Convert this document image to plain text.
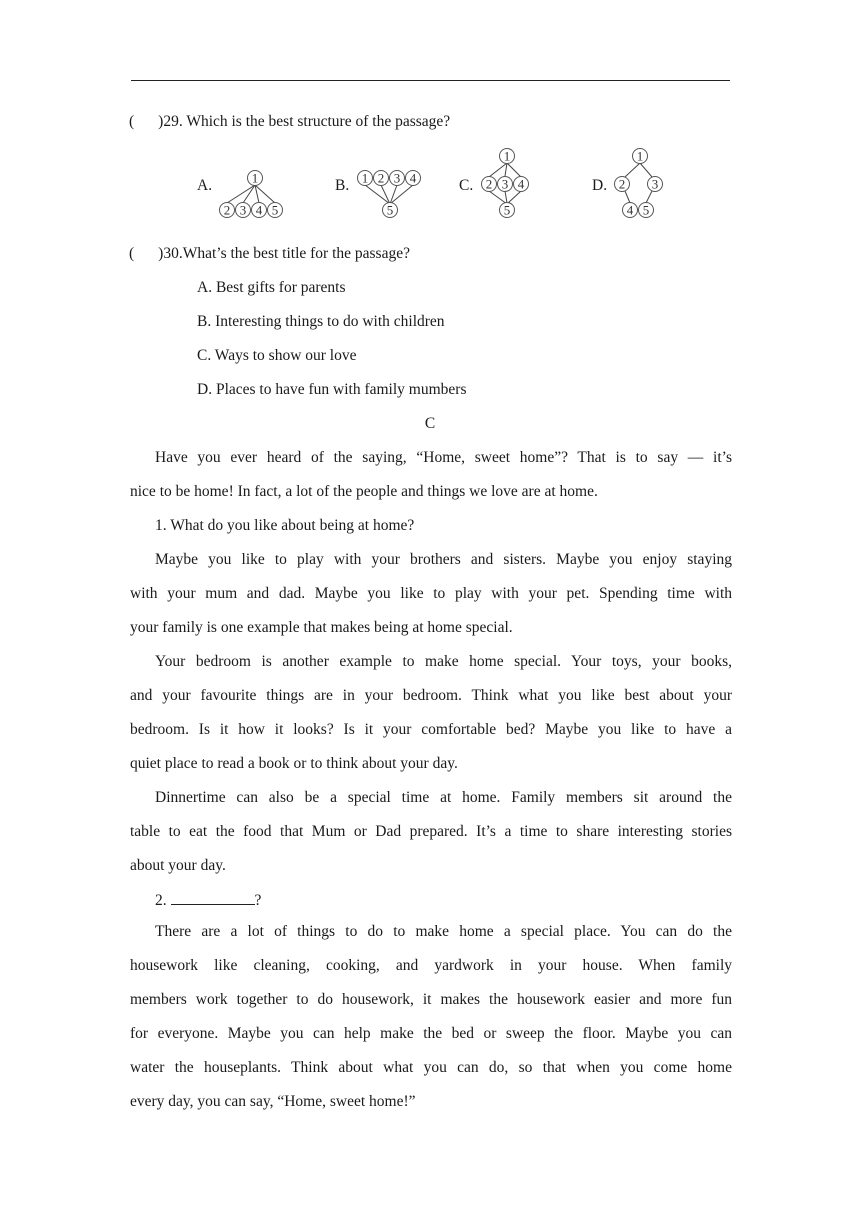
( )29. Which is the best structure of the passage?
A.	1
2 3 4 5
B. 1 2 3 4
5
C.
1
2 3 4
5
D.
1
2 3
4 5
( )30.What’s the best title for the passage?
A. Best gifts for parents
B. Interesting things to do with children
C. Ways to show our love
D. Places to have fun with family mumbers
C
Have you ever heard of the saying, “Home, sweet home”? That is to say — it’s
nice to be home! In fact, a lot of the people and things we love are at home.
1. What do you like about being at home?
Maybe you like to play with your brothers and sisters. Maybe you enjoy staying
with your mum and dad. Maybe you like to play with your pet. Spending time with
your family is one example that makes being at home special.
Your bedroom is another example to make home special. Your toys, your books,
and your favourite things are in your bedroom. Think what you like best about your
bedroom. Is it how it looks? Is it your comfortable bed? Maybe you like to have a
quiet place to read a book or to think about your day.
Dinnertime can also be a special time at home. Family members sit around the
table to eat the food that Mum or Dad prepared. It’s a time to share interesting stories
about your day.
2.	?
There are a lot of things to do to make home a special place. You can do the
housework like cleaning, cooking, and yardwork in your house. When family
members work together to do housework, it makes the housework easier and more fun
for everyone. Maybe you can help make the bed or sweep the floor. Maybe you can
water the houseplants. Think about what you can do, so that when you come home
every day, you can say, “Home, sweet home!”
